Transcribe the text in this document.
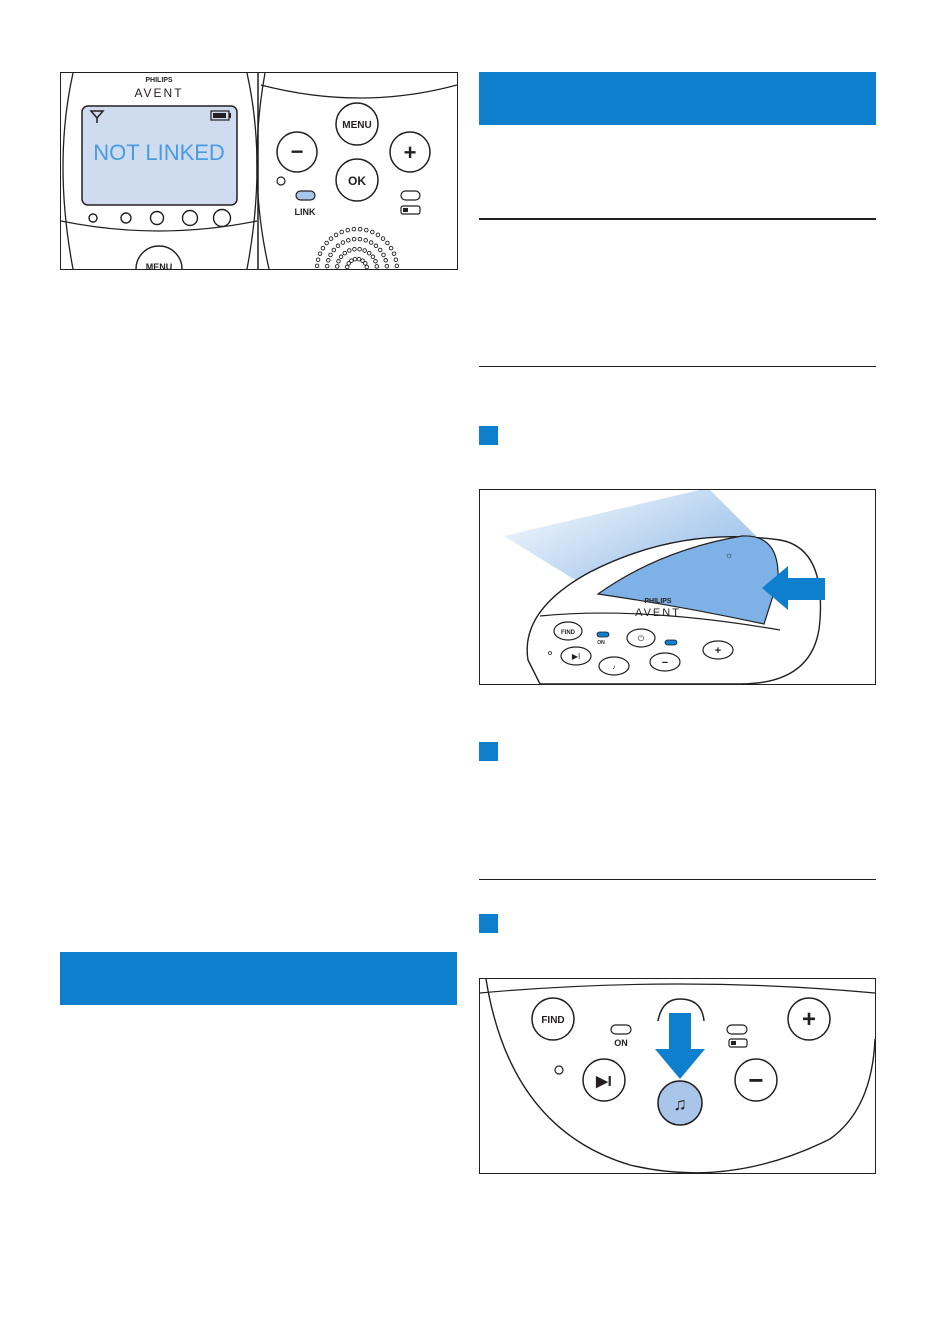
PHILIPS
AVENT
NOT LINKED
MENU
MENU
−	+
OK
LINK
PHILIPS
AVENT
☼
FIND
ON	⏻
+
▶I
♪	−
FIND
ON
+
▶I	−
♫
